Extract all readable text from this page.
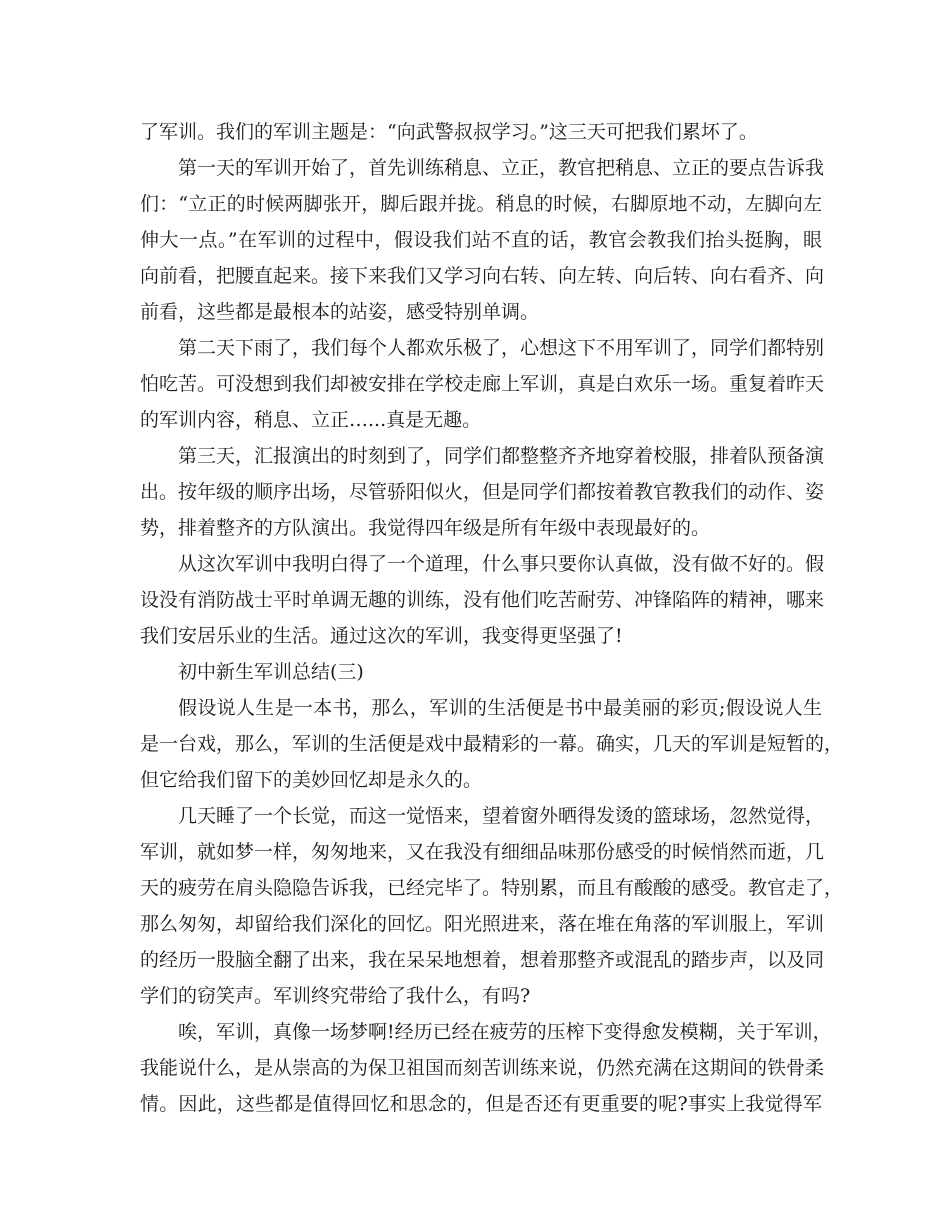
了军训。我们的军训主题是：“向武警叔叔学习。”这三天可把我们累坏了。
第一天的军训开始了，首先训练稍息、立正，教官把稍息、立正的要点告诉我
们：“立正的时候两脚张开，脚后跟并拢。稍息的时候，右脚原地不动，左脚向左
伸大一点。”在军训的过程中，假设我们站不直的话，教官会教我们抬头挺胸，眼
向前看，把腰直起来。接下来我们又学习向右转、向左转、向后转、向右看齐、向
前看，这些都是最根本的站姿，感受特别单调。
第二天下雨了，我们每个人都欢乐极了，心想这下不用军训了，同学们都特别
怕吃苦。可没想到我们却被安排在学校走廊上军训，真是白欢乐一场。重复着昨天
的军训内容，稍息、立正…...真是无趣。
第三天，汇报演出的时刻到了，同学们都整整齐齐地穿着校服，排着队预备演
出。按年级的顺序出场，尽管骄阳似火，但是同学们都按着教官教我们的动作、姿
势，排着整齐的方队演出。我觉得四年级是所有年级中表现最好的。
从这次军训中我明白得了一个道理，什么事只要你认真做，没有做不好的。假
设没有消防战士平时单调无趣的训练，没有他们吃苦耐劳、冲锋陷阵的精神，哪来
我们安居乐业的生活。通过这次的军训，我变得更坚强了!
初中新生军训总结(三)
假设说人生是一本书，那么，军训的生活便是书中最美丽的彩页;假设说人生
是一台戏，那么，军训的生活便是戏中最精彩的一幕。确实，几天的军训是短暂的，
但它给我们留下的美妙回忆却是永久的。
几天睡了一个长觉，而这一觉悟来，望着窗外晒得发烫的篮球场，忽然觉得，
军训，就如梦一样，匆匆地来，又在我没有细细品味那份感受的时候悄然而逝，几
天的疲劳在肩头隐隐告诉我，已经完毕了。特别累，而且有酸酸的感受。教官走了，
那么匆匆，却留给我们深化的回忆。阳光照进来，落在堆在角落的军训服上，军训
的经历一股脑全翻了出来，我在呆呆地想着，想着那整齐或混乱的踏步声，以及同
学们的窃笑声。军训终究带给了我什么，有吗?
唉，军训，真像一场梦啊!经历已经在疲劳的压榨下变得愈发模糊，关于军训，
我能说什么，是从崇高的为保卫祖国而刻苦训练来说，仍然充满在这期间的铁骨柔
情。因此，这些都是值得回忆和思念的，但是否还有更重要的呢?事实上我觉得军
